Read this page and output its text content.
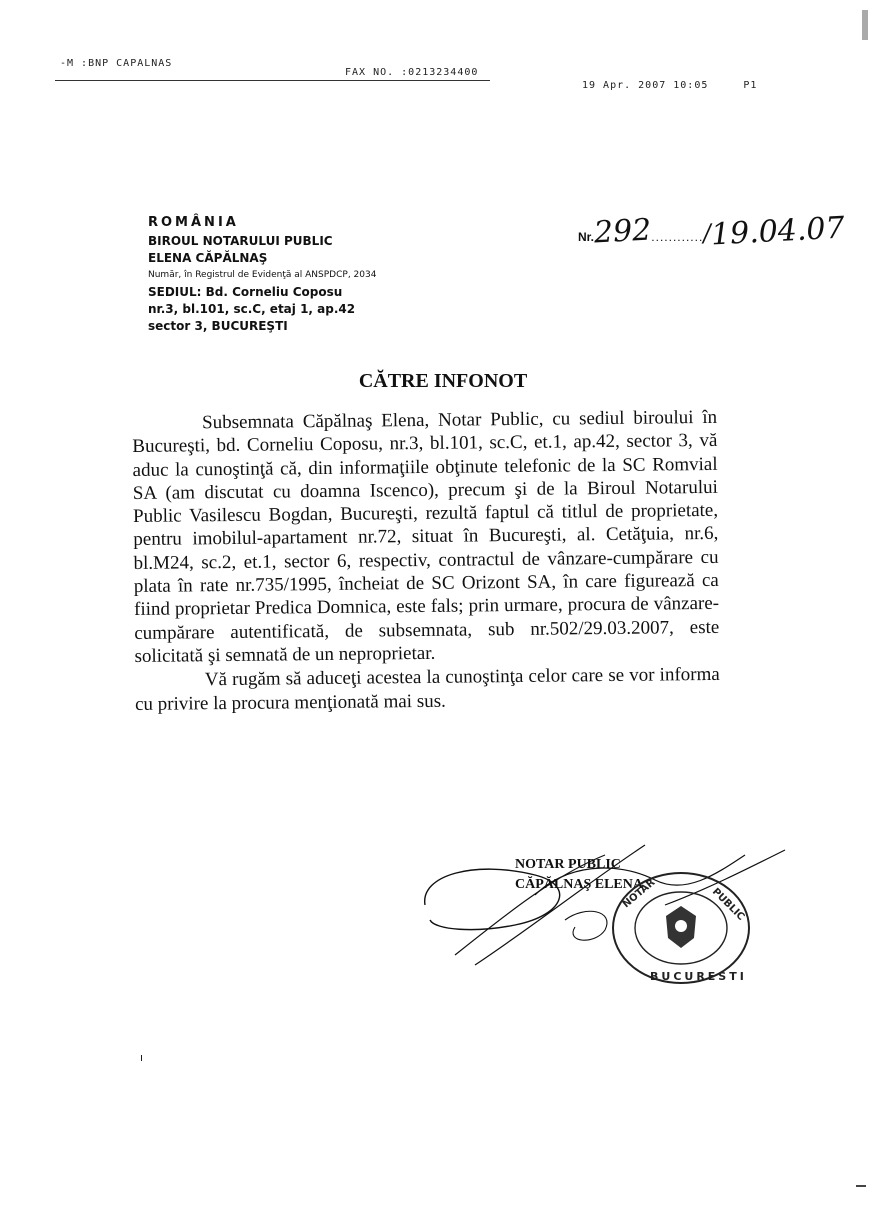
-M :BNP CAPALNAS
FAX NO. :0213234400
19 Apr. 2007 10:05	P1
ROMÂNIA
BIROUL NOTARULUI PUBLIC
ELENA CĂPĂLNAŞ
Număr, în Registrul de Evidenţă al ANSPDCP, 2034
SEDIUL: Bd. Corneliu Coposu
nr.3, bl.101, sc.C, etaj 1, ap.42
sector 3, BUCUREŞTI
Nr.292............/19.04.07
CĂTRE INFONOT

Subsemnata Căpălnaş Elena, Notar Public, cu sediul biroului în Bucureşti, bd. Corneliu Coposu, nr.3, bl.101, sc.C, et.1, ap.42, sector 3, vă aduc la cunoştinţă că, din informaţiile obţinute telefonic de la SC Romvial SA (am discutat cu doamna Iscenco), precum şi de la Biroul Notarului Public Vasilescu Bogdan, Bucureşti, rezultă faptul că titlul de proprietate, pentru imobilul-apartament nr.72, situat în Bucureşti, al. Cetăţuia, nr.6, bl.M24, sc.2, et.1, sector 6, respectiv, contractul de vânzare-cumpărare cu plata în rate nr.735/1995, încheiat de SC Orizont SA, în care figurează ca fiind proprietar Predica Domnica, este fals; prin urmare, procura de vânzare-cumpărare autentificată, de subsemnata, sub nr.502/29.03.2007, este solicitată şi semnată de un neproprietar.

Vă rugăm să aduceţi acestea la cunoştinţa celor care se vor informa cu privire la procura menţionată mai sus.

NOTAR PUBLIC
CĂPĂLNAŞ ELENA
NOTAR	PUBLIC
BUCURESTI
ı
